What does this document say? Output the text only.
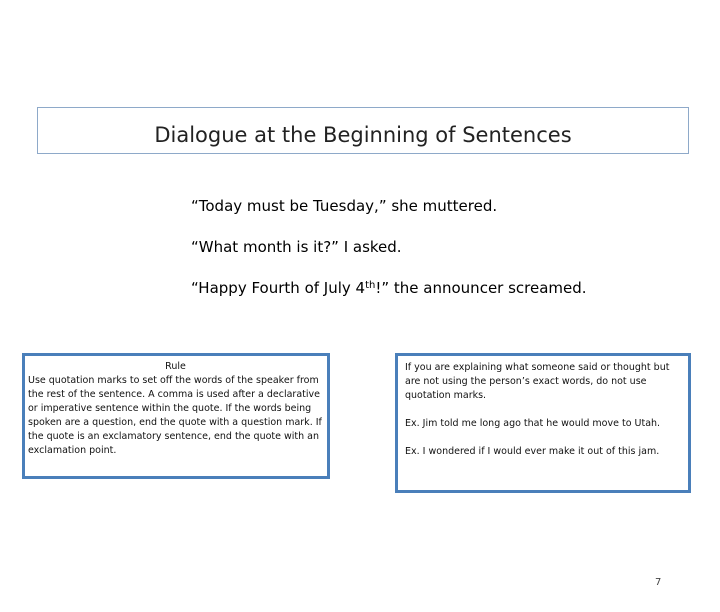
Dialogue at the Beginning of Sentences

“Today must be Tuesday,” she muttered.

“What month is it?” I asked.

“Happy Fourth of July 4th!” the announcer screamed.

Rule

Use quotation marks to set off the words of the speaker from the rest of the sentence. A comma is used after a declarative or imperative sentence within the quote. If the words being spoken are a question, end the quote with a question mark. If the quote is an exclamatory sentence, end the quote with an exclamation point.

If you are explaining what someone said or thought but are not using the person’s exact words, do not use quotation marks.

Ex. Jim told me long ago that he would move to Utah.

Ex. I wondered if I would ever make it out of this jam.

7
